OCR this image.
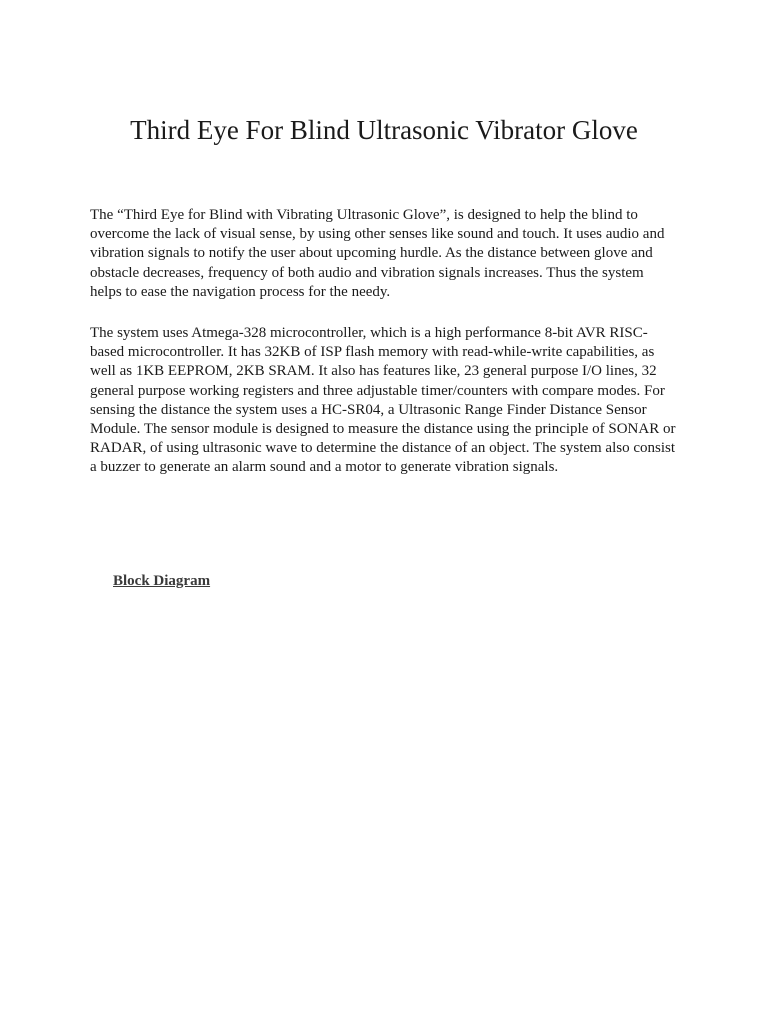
Third Eye For Blind Ultrasonic Vibrator Glove

The “Third Eye for Blind with Vibrating Ultrasonic Glove”, is designed to help the blind to overcome the lack of visual sense, by using other senses like sound and touch. It uses audio and vibration signals to notify the user about upcoming hurdle. As the distance between glove and obstacle decreases, frequency of both audio and vibration signals increases. Thus the system helps to ease the navigation process for the needy.

The system uses Atmega-328 microcontroller, which is a high performance 8-bit AVR RISC-based microcontroller. It has 32KB of ISP flash memory with read-while-write capabilities, as well as 1KB EEPROM, 2KB SRAM. It also has features like, 23 general purpose I/O lines, 32 general purpose working registers and three adjustable timer/counters with compare modes. For sensing the distance the system uses a HC-SR04, a Ultrasonic Range Finder Distance Sensor Module. The sensor module is designed to measure the distance using the principle of SONAR or RADAR, of using ultrasonic wave to determine the distance of an object. The system also consist a buzzer to generate an alarm sound and a motor to generate vibration signals.

Block Diagram
